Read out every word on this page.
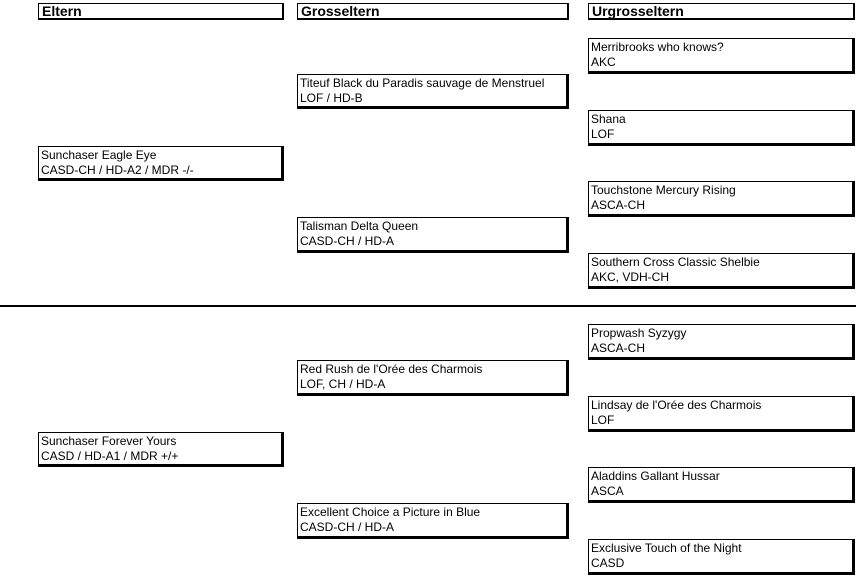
Eltern	Grosseltern	Urgrosseltern
Sunchaser Eagle Eye
CASD-CH / HD-A2 / MDR -/-
Titeuf Black du Paradis sauvage de Menstruel
LOF / HD-B
Talisman Delta Queen
CASD-CH / HD-A
Merribrooks who knows?
AKC
Shana
LOF
Touchstone Mercury Rising
ASCA-CH
Southern Cross Classic Shelbie
AKC, VDH-CH
Sunchaser Forever Yours
CASD / HD-A1 / MDR +/+
Red Rush de l'Orée des Charmois
LOF, CH / HD-A
Excellent Choice a Picture in Blue
CASD-CH / HD-A
Propwash Syzygy
ASCA-CH
Lindsay de l'Orée des Charmois
LOF
Aladdins Gallant Hussar
ASCA
Exclusive Touch of the Night
CASD
